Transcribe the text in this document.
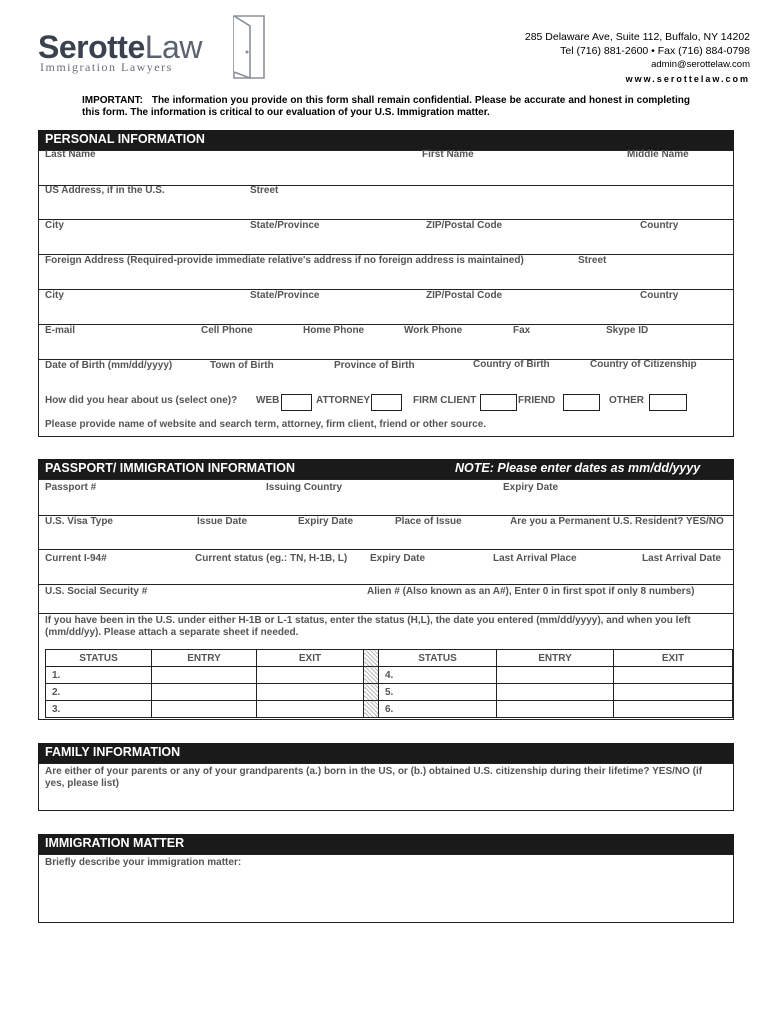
SerotteLaw
Immigration Lawyers
285 Delaware Ave, Suite 112, Buffalo, NY 14202
Tel (716) 881-2600 • Fax (716) 884-0798
admin@serottelaw.com
www.serottelaw.com
IMPORTANT: The information you provide on this form shall remain confidential. Please be accurate and honest in completing this form. The information is critical to our evaluation of your U.S. Immigration matter.
PERSONAL INFORMATION
Last Name	First Name	Middle Name
US Address, if in the U.S.	Street
City	State/Province	ZIP/Postal Code	Country
Foreign Address (Required-provide immediate relative's address if no foreign address is maintained)	Street
City	State/Province	ZIP/Postal Code	Country
E-mail	Cell Phone	Home Phone	Work Phone	Fax	Skype ID
Date of Birth (mm/dd/yyyy)	Town of Birth	Province of Birth	Country of Birth	Country of Citizenship
How did you hear about us (select one)? WEB	ATTORNEY	FIRM CLIENT	FRIEND	OTHER
Please provide name of website and search term, attorney, firm client, friend or other source.
PASSPORT/ IMMIGRATION INFORMATION	NOTE: Please enter dates as mm/dd/yyyy
Passport #	Issuing Country	Expiry Date
U.S. Visa Type	Issue Date	Expiry Date	Place of Issue	Are you a Permanent U.S. Resident? YES/NO
Current I-94#	Current status (eg.: TN, H-1B, L) Expiry Date	Last Arrival Place	Last Arrival Date
U.S. Social Security #	Alien # (Also known as an A#), Enter 0 in first spot if only 8 numbers)
If you have been in the U.S. under either H-1B or L-1 status, enter the status (H,L), the date you entered (mm/dd/yyyy), and when you left (mm/dd/yy). Please attach a separate sheet if needed.
STATUS	ENTRY	EXIT		STATUS	ENTRY	EXIT
1.				4.		
2.				5.		
3.				6.		
FAMILY INFORMATION
Are either of your parents or any of your grandparents (a.) born in the US, or (b.) obtained U.S. citizenship during their lifetime? YES/NO (if yes, please list)
IMMIGRATION MATTER
Briefly describe your immigration matter:
